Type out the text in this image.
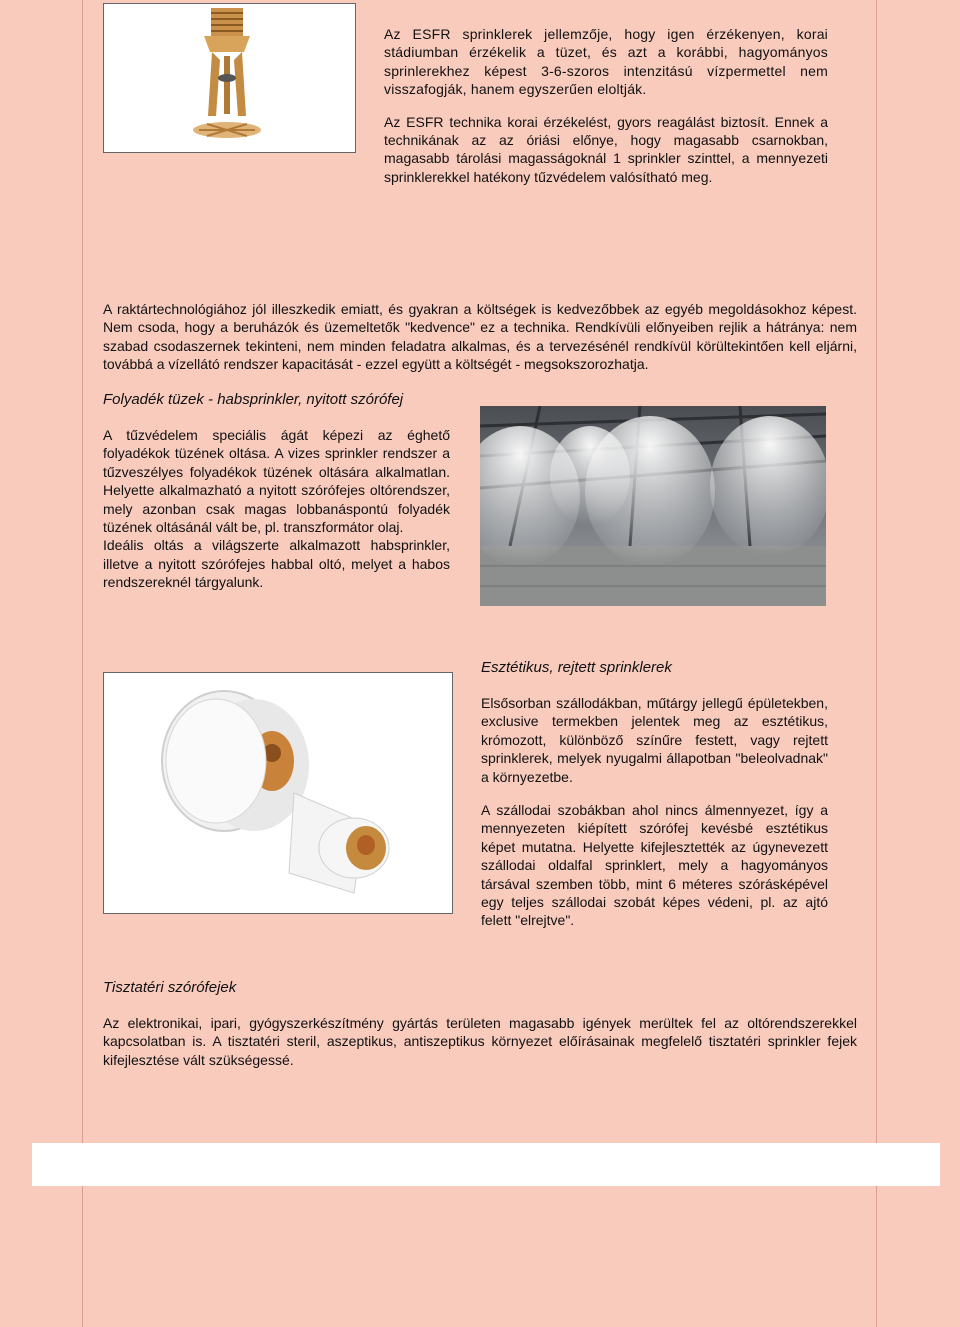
Az ESFR sprinklerek jellemzője, hogy igen érzékenyen, korai stádiumban érzékelik a tüzet, és azt a korábbi, hagyományos sprinlerekhez képest 3-6-szoros intenzitású vízpermettel nem visszafogják, hanem egyszerűen eloltják.

Az ESFR technika korai érzékelést, gyors reagálást biztosít. Ennek a technikának az az óriási előnye, hogy magasabb csarnokban, magasabb tárolási magasságoknál 1 sprinkler szinttel, a mennyezeti sprinklerekkel hatékony tűzvédelem valósítható meg.

A raktártechnológiához jól illeszkedik emiatt, és gyakran a költségek is kedvezőbbek az egyéb megoldásokhoz képest. Nem csoda, hogy a beruházók és üzemeltetők "kedvence" ez a technika. Rendkívüli előnyeiben rejlik a hátránya: nem szabad csodaszernek tekinteni, nem minden feladatra alkalmas, és a tervezésénél rendkívül körültekintően kell eljárni, továbbá a vízellátó rendszer kapacitását - ezzel együtt a költségét - megsokszorozhatja.

Folyadék tüzek - habsprinkler, nyitott szórófej

A tűzvédelem speciális ágát képezi az éghető folyadékok tüzének oltása. A vizes sprinkler rendszer a tűzveszélyes folyadékok tüzének oltására alkalmatlan. Helyette alkalmazható a nyitott szórófejes oltórendszer, mely azonban csak magas lobbanáspontú folyadék tüzének oltásánál vált be, pl. transzformátor olaj.

Ideális oltás a világszerte alkalmazott habsprinkler, illetve a nyitott szórófejes habbal oltó, melyet a habos rendszereknél tárgyalunk.

Esztétikus, rejtett sprinklerek

Elsősorban szállodákban, műtárgy jellegű épületekben, exclusive termekben jelentek meg az esztétikus, krómozott, különböző színűre festett, vagy rejtett sprinklerek, melyek nyugalmi állapotban "beleolvadnak" a környezetbe.

A szállodai szobákban ahol nincs álmennyezet, így a mennyezeten kiépített szórófej kevésbé esztétikus képet mutatna. Helyette kifejlesztették az úgynevezett szállodai oldalfal sprinklert, mely a hagyományos társával szemben több, mint 6 méteres szórásképével egy teljes szállodai szobát képes védeni, pl. az ajtó felett "elrejtve".

Tisztatéri szórófejek

Az elektronikai, ipari, gyógyszerkészítmény gyártás területen magasabb igények merültek fel az oltórendszerekkel kapcsolatban is. A tisztatéri steril, aszeptikus, antiszeptikus környezet előírásainak megfelelő tisztatéri sprinkler fejek kifejlesztése vált szükségessé.
